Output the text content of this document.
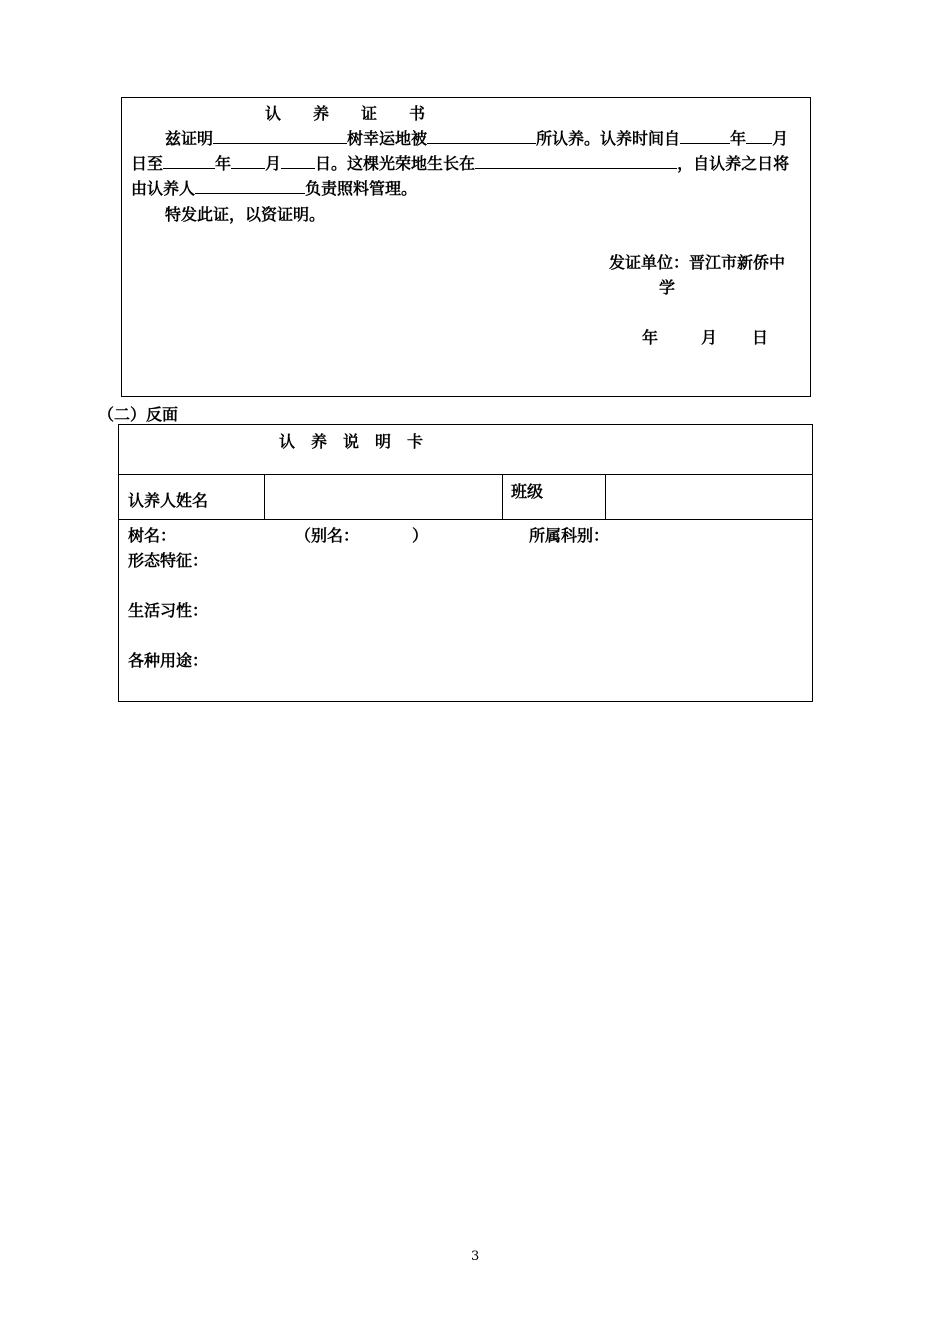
认　　养　　证　　书
兹证明	树幸运地被	所认养。认养时间自	年 月
日至	年 月 日。这棵光荣地生长在	，自认养之日将
由认养人	负责照料管理。
特发此证，以资证明。
发证单位：晋江市新侨中
学
年	月 日
（二）反面
认　养　说　明　卡
认养人姓名	班级
树名：	（别名：	）	所属科别：
形态特征：
生活习性：
各种用途：
3
